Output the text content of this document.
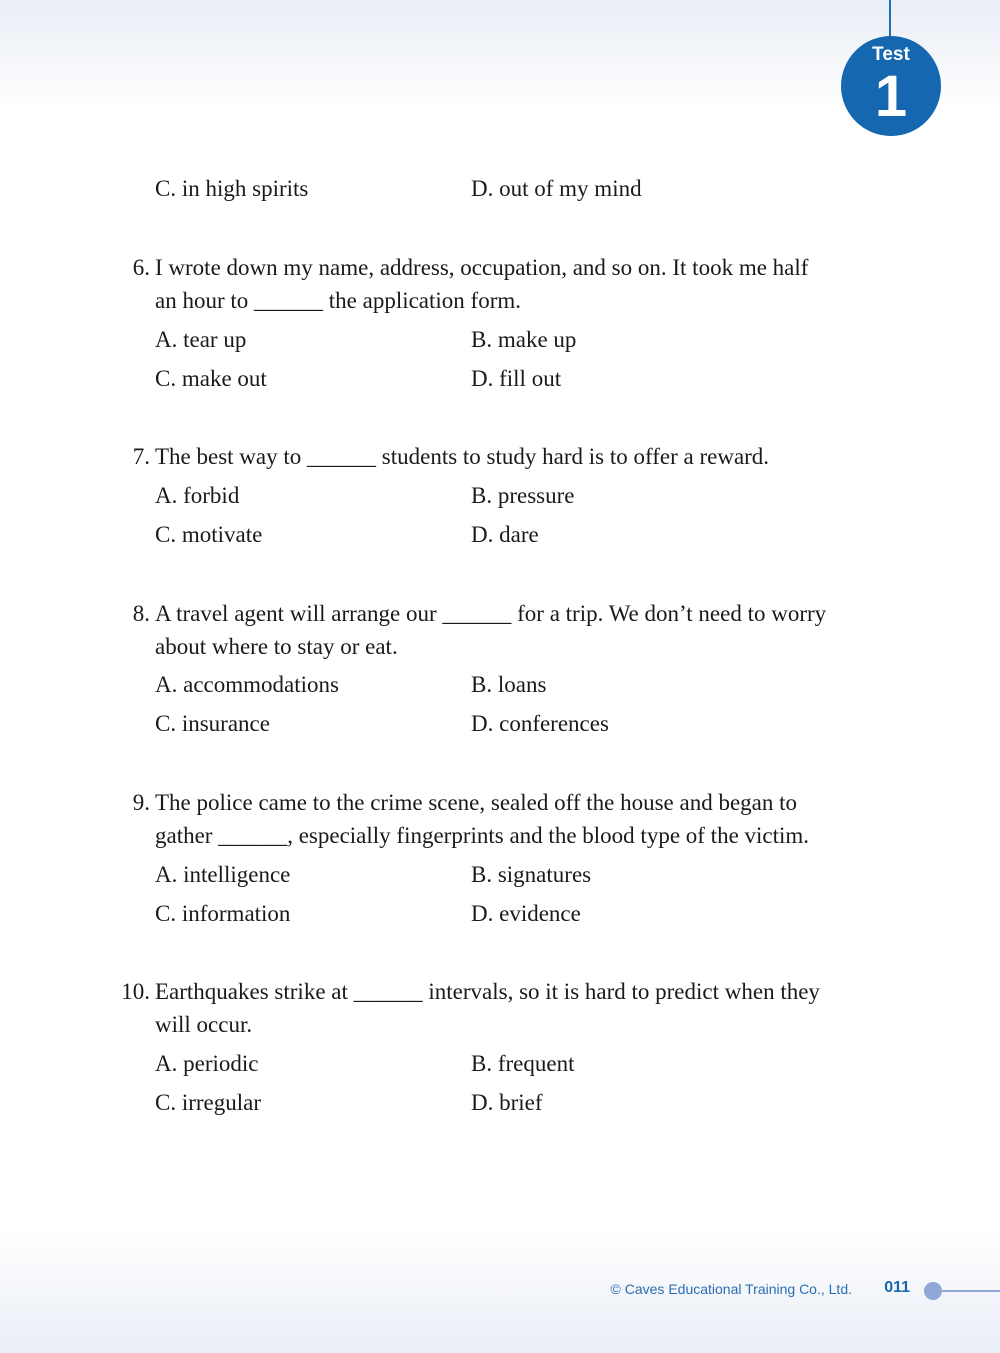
Test
1
C. in high spirits	D. out of my mind
6. I wrote down my name, address, occupation, and so on. It took me half
an hour to ______ the application form.
A. tear up	B. make up
C. make out	D. fill out
7. The best way to ______ students to study hard is to offer a reward.
A. forbid	B. pressure
C. motivate	D. dare
8. A travel agent will arrange our ______ for a trip. We don’t need to worry
about where to stay or eat.
A. accommodations	B. loans
C. insurance	D. conferences
9. The police came to the crime scene, sealed off the house and began to
gather ______, especially fingerprints and the blood type of the victim.
A. intelligence	B. signatures
C. information	D. evidence
10. Earthquakes strike at ______ intervals, so it is hard to predict when they
will occur.
A. periodic	B. frequent
C. irregular	D. brief
© Caves Educational Training Co., Ltd. 011
